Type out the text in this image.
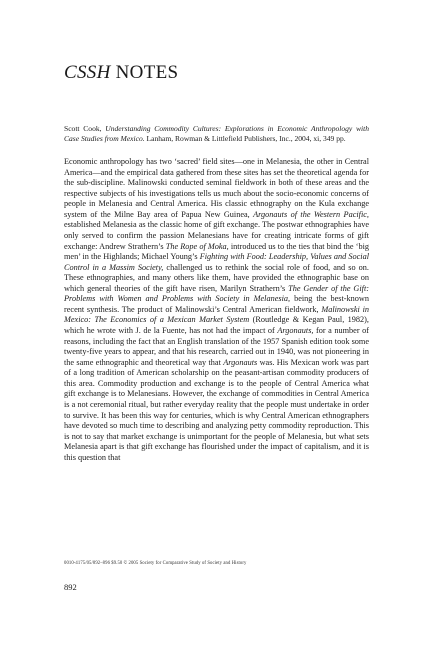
CSSH NOTES
Scott Cook, Understanding Commodity Cultures: Explorations in Economic Anthropology with Case Studies from Mexico. Lanham, Rowman & Littlefield Publishers, Inc., 2004, xi, 349 pp.

Economic anthropology has two ‘sacred’ field sites—one in Melanesia, the other in Central America—and the empirical data gathered from these sites has set the theoretical agenda for the sub-discipline. Malinowski conducted seminal fieldwork in both of these areas and the respective subjects of his investigations tells us much about the socio-economic concerns of people in Melanesia and Central America. His classic ethnography on the Kula exchange system of the Milne Bay area of Papua New Guinea, Argonauts of the Western Pacific, established Melanesia as the classic home of gift exchange. The postwar ethnographies have only served to confirm the passion Melanesians have for creating intricate forms of gift exchange: Andrew Strathern’s The Rope of Moka, introduced us to the ties that bind the ‘big men’ in the Highlands; Michael Young’s Fighting with Food: Leadership, Values and Social Control in a Massim Society, challenged us to rethink the social role of food, and so on. These ethnographies, and many others like them, have provided the ethnographic base on which general theories of the gift have risen, Marilyn Strathern’s The Gender of the Gift: Problems with Women and Problems with Society in Melanesia, being the best-known recent synthesis. The product of Malinowski’s Central American fieldwork, Malinowski in Mexico: The Economics of a Mexican Market System (Routledge & Kegan Paul, 1982), which he wrote with J. de la Fuente, has not had the impact of Argonauts, for a number of reasons, including the fact that an English translation of the 1957 Spanish edition took some twenty-five years to appear, and that his research, carried out in 1940, was not pioneering in the same ethnographic and theoretical way that Argonauts was. His Mexican work was part of a long tradition of American scholarship on the peasant-artisan commodity producers of this area. Commodity production and exchange is to the people of Central America what gift exchange is to Melanesians. However, the exchange of commodities in Central America is a not ceremonial ritual, but rather everyday reality that the people must undertake in order to survive. It has been this way for centuries, which is why Central American ethnographers have devoted so much time to describing and analyzing petty commodity reproduction. This is not to say that market exchange is unimportant for the people of Melanesia, but what sets Melanesia apart is that gift exchange has flourished under the impact of capitalism, and it is this question that

0010-4175/05/892–896 $9.50 © 2005 Society for Comparative Study of Society and History
892
